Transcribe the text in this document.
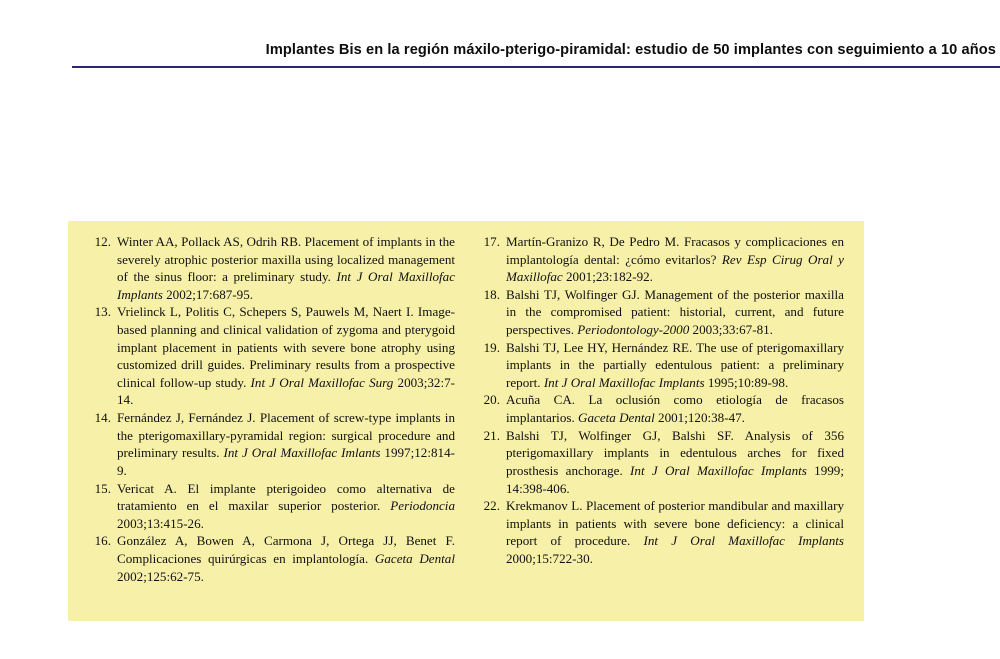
Implantes Bis en la región máxilo-pterigo-piramidal: estudio de 50 implantes con seguimiento a 10 años
12. Winter AA, Pollack AS, Odrih RB. Placement of implants in the severely atrophic posterior maxilla using localized management of the sinus floor: a preliminary study. Int J Oral Maxillofac Implants 2002;17:687-95.
13. Vrielinck L, Politis C, Schepers S, Pauwels M, Naert I. Image-based planning and clinical validation of zygoma and pterygoid implant placement in patients with severe bone atrophy using customized drill guides. Preliminary results from a prospective clinical follow-up study. Int J Oral Maxillofac Surg 2003;32:7-14.
14. Fernández J, Fernández J. Placement of screw-type implants in the pterigomaxillary-pyramidal region: surgical procedure and preliminary results. Int J Oral Maxillofac Imlants 1997;12:814-9.
15. Vericat A. El implante pterigoideo como alternativa de tratamiento en el maxilar superior posterior. Periodoncia 2003;13:415-26.
16. González A, Bowen A, Carmona J, Ortega JJ, Benet F. Complicaciones quirúrgicas en implantología. Gaceta Dental 2002;125:62-75.
17. Martín-Granizo R, De Pedro M. Fracasos y complicaciones en implantología dental: ¿cómo evitarlos? Rev Esp Cirug Oral y Maxillofac 2001;23:182-92.
18. Balshi TJ, Wolfinger GJ. Management of the posterior maxilla in the compromised patient: historial, current, and future perspectives. Periodontology-2000 2003;33:67-81.
19. Balshi TJ, Lee HY, Hernández RE. The use of pterigomaxillary implants in the partially edentulous patient: a preliminary report. Int J Oral Maxillofac Implants 1995;10:89-98.
20. Acuña CA. La oclusión como etiología de fracasos implantarios. Gaceta Dental 2001;120:38-47.
21. Balshi TJ, Wolfinger GJ, Balshi SF. Analysis of 356 pterigomaxillary implants in edentulous arches for fixed prosthesis anchorage. Int J Oral Maxillofac Implants 1999; 14:398-406.
22. Krekmanov L. Placement of posterior mandibular and maxillary implants in patients with severe bone deficiency: a clinical report of procedure. Int J Oral Maxillofac Implants 2000;15:722-30.
